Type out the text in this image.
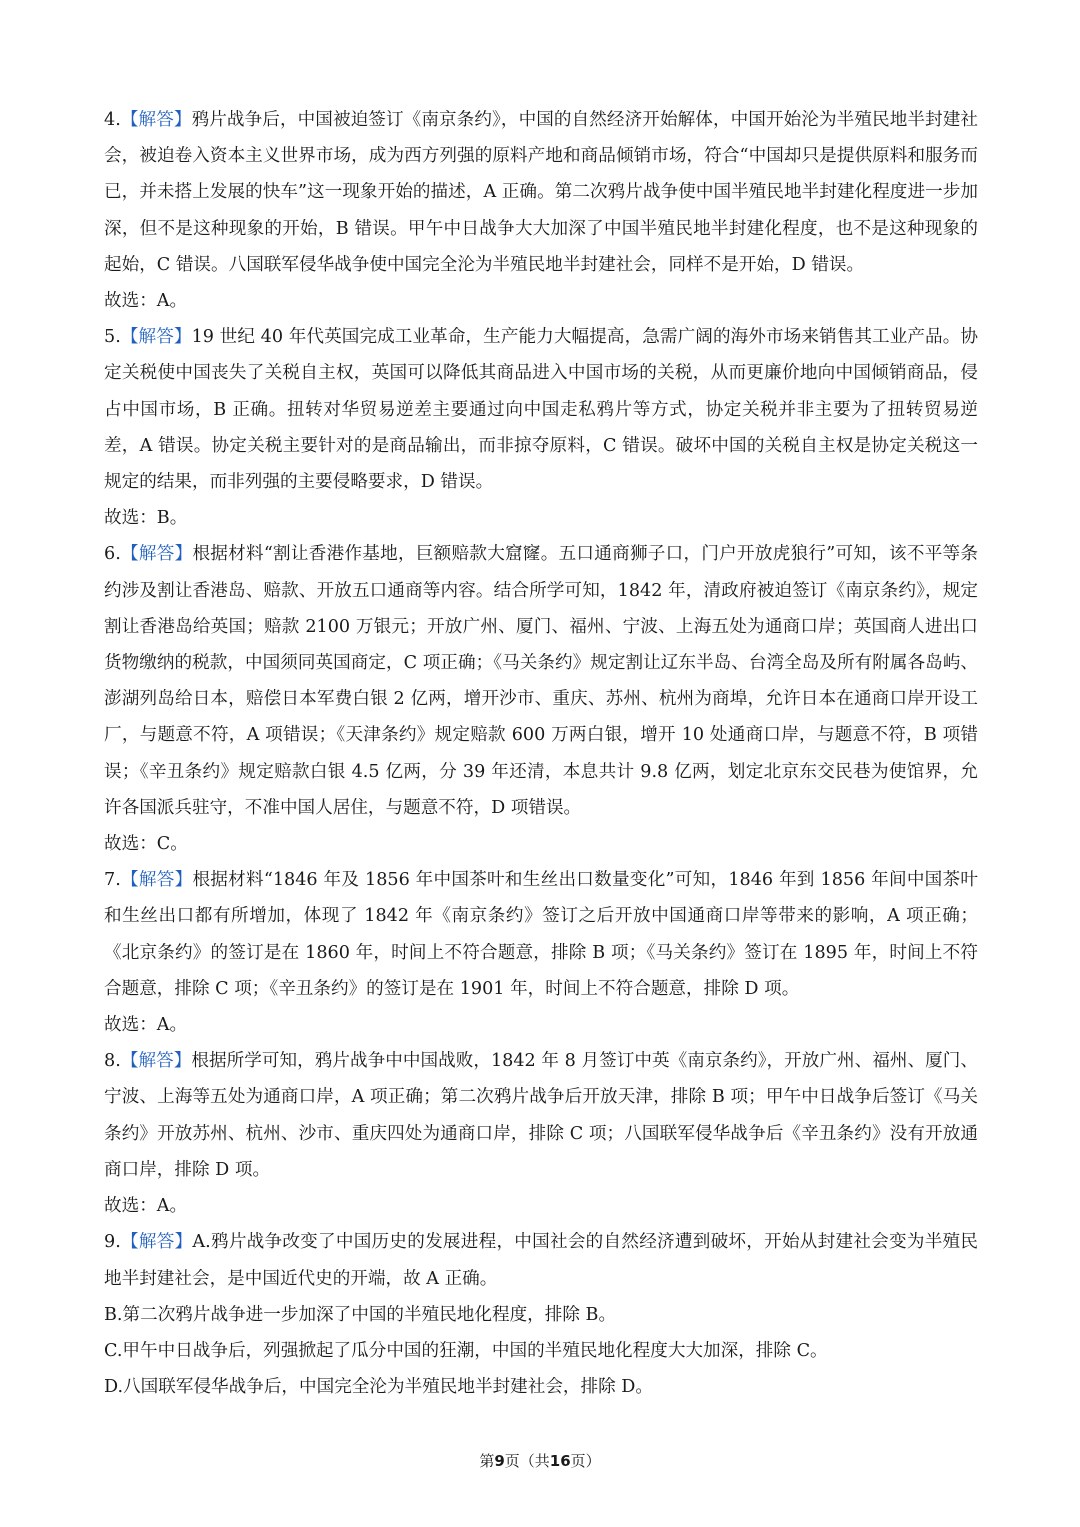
4.【解答】鸦片战争后，中国被迫签订《南京条约》，中国的自然经济开始解体，中国开始沦为半殖民地半封建社会，被迫卷入资本主义世界市场，成为西方列强的原料产地和商品倾销市场，符合“中国却只是提供原料和服务而已，并未搭上发展的快车”这一现象开始的描述，A 正确。第二次鸦片战争使中国半殖民地半封建化程度进一步加深，但不是这种现象的开始，B 错误。甲午中日战争大大加深了中国半殖民地半封建化程度，也不是这种现象的起始，C 错误。八国联军侵华战争使中国完全沦为半殖民地半封建社会，同样不是开始，D 错误。

故选：A。

5.【解答】19 世纪 40 年代英国完成工业革命，生产能力大幅提高，急需广阔的海外市场来销售其工业产品。协定关税使中国丧失了关税自主权，英国可以降低其商品进入中国市场的关税，从而更廉价地向中国倾销商品，侵占中国市场，B 正确。扭转对华贸易逆差主要通过向中国走私鸦片等方式，协定关税并非主要为了扭转贸易逆差，A 错误。协定关税主要针对的是商品输出，而非掠夺原料，C 错误。破坏中国的关税自主权是协定关税这一规定的结果，而非列强的主要侵略要求，D 错误。

故选：B。

6.【解答】根据材料“割让香港作基地，巨额赔款大窟窿。五口通商狮子口，门户开放虎狼行”可知，该不平等条约涉及割让香港岛、赔款、开放五口通商等内容。结合所学可知，1842 年，清政府被迫签订《南京条约》，规定割让香港岛给英国；赔款 2100 万银元；开放广州、厦门、福州、宁波、上海五处为通商口岸；英国商人进出口货物缴纳的税款，中国须同英国商定，C 项正确；《马关条约》规定割让辽东半岛、台湾全岛及所有附属各岛屿、澎湖列岛给日本，赔偿日本军费白银 2 亿两，增开沙市、重庆、苏州、杭州为商埠，允许日本在通商口岸开设工厂，与题意不符，A 项错误；《天津条约》规定赔款 600 万两白银，增开 10 处通商口岸，与题意不符，B 项错误；《辛丑条约》规定赔款白银 4.5 亿两，分 39 年还清，本息共计 9.8 亿两，划定北京东交民巷为使馆界，允许各国派兵驻守，不准中国人居住，与题意不符，D 项错误。

故选：C。

7.【解答】根据材料“1846 年及 1856 年中国茶叶和生丝出口数量变化”可知，1846 年到 1856 年间中国茶叶和生丝出口都有所增加，体现了 1842 年《南京条约》签订之后开放中国通商口岸等带来的影响，A 项正确；《北京条约》的签订是在 1860 年，时间上不符合题意，排除 B 项；《马关条约》签订在 1895 年，时间上不符合题意，排除 C 项；《辛丑条约》的签订是在 1901 年，时间上不符合题意，排除 D 项。

故选：A。

8.【解答】根据所学可知，鸦片战争中中国战败，1842 年 8 月签订中英《南京条约》，开放广州、福州、厦门、宁波、上海等五处为通商口岸，A 项正确；第二次鸦片战争后开放天津，排除 B 项；甲午中日战争后签订《马关条约》开放苏州、杭州、沙市、重庆四处为通商口岸，排除 C 项；八国联军侵华战争后《辛丑条约》没有开放通商口岸，排除 D 项。

故选：A。

9.【解答】A.鸦片战争改变了中国历史的发展进程，中国社会的自然经济遭到破坏，开始从封建社会变为半殖民地半封建社会，是中国近代史的开端，故 A 正确。

B.第二次鸦片战争进一步加深了中国的半殖民地化程度，排除 B。

C.甲午中日战争后，列强掀起了瓜分中国的狂潮，中国的半殖民地化程度大大加深，排除 C。

D.八国联军侵华战争后，中国完全沦为半殖民地半封建社会，排除 D。

第9页（共16页）
